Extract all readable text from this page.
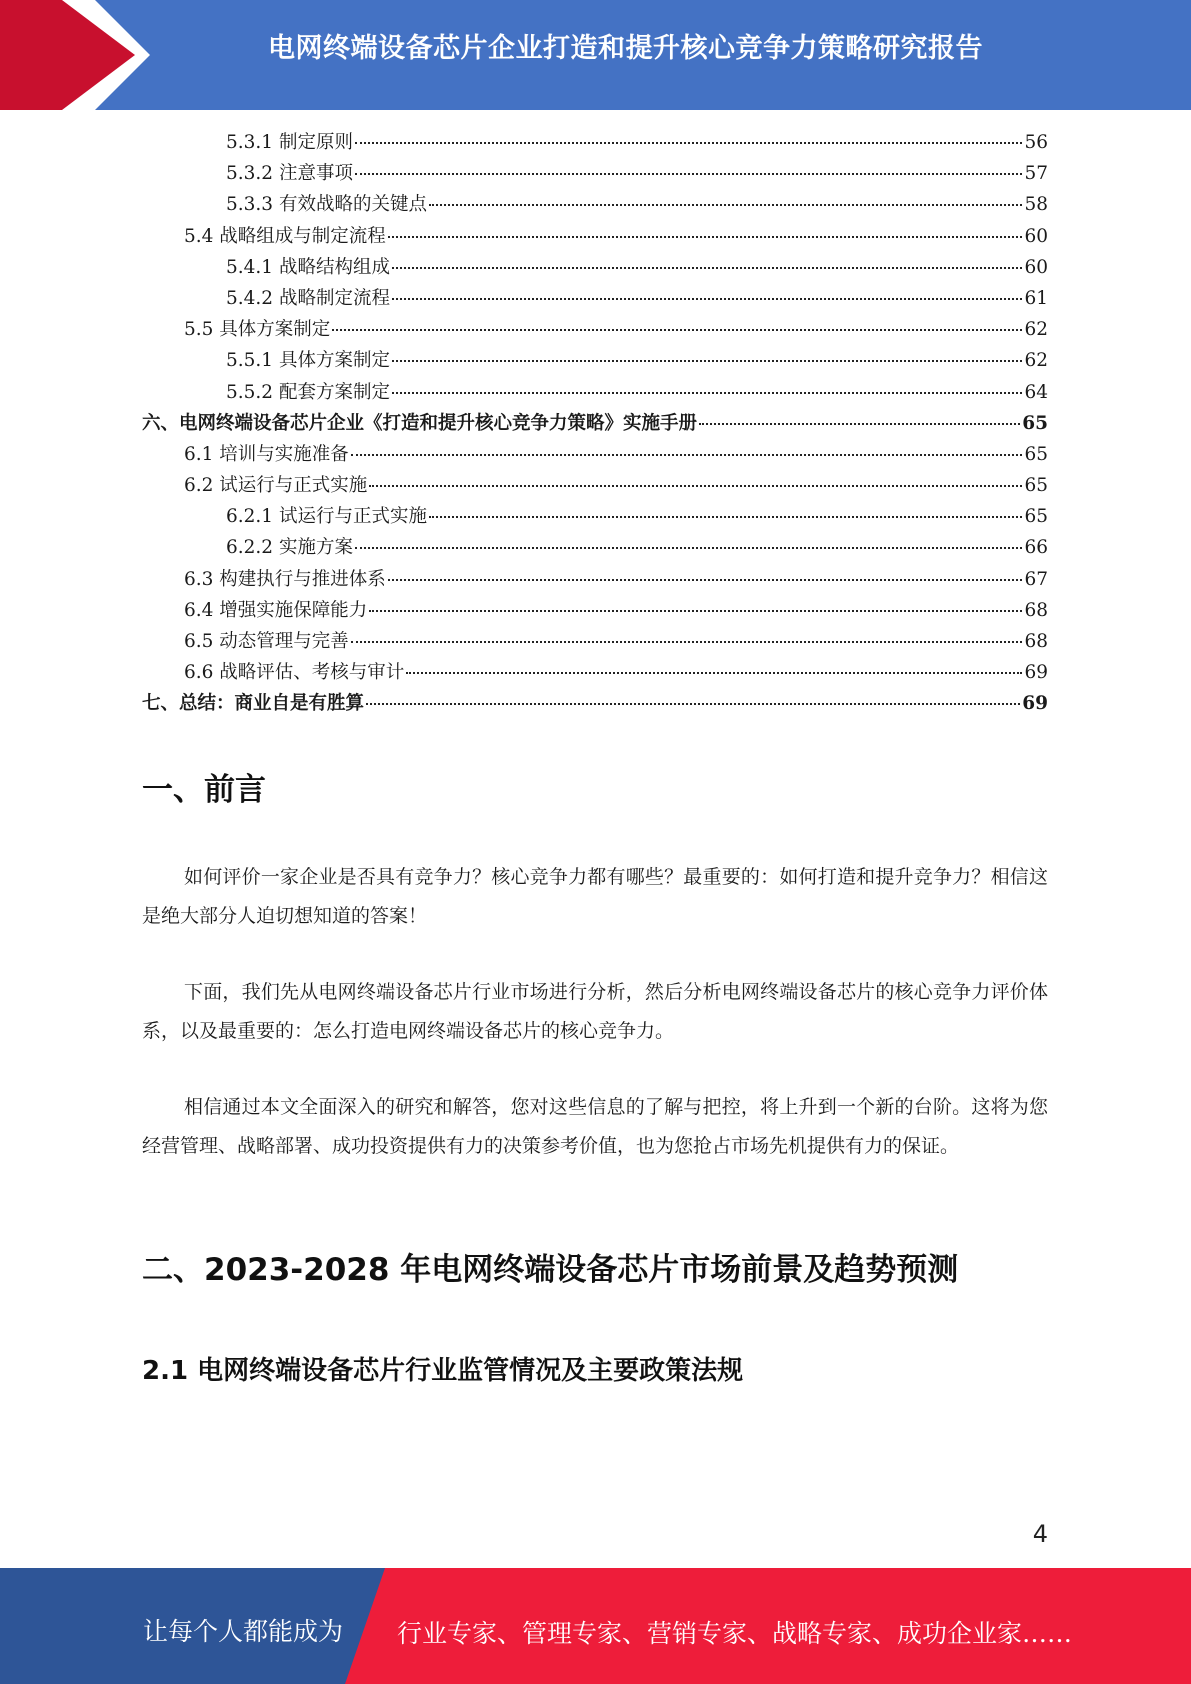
电网终端设备芯片企业打造和提升核心竞争力策略研究报告
5.3.1 制定原则	56
5.3.2 注意事项	57
5.3.3 有效战略的关键点	58
5.4 战略组成与制定流程	60
5.4.1 战略结构组成	60
5.4.2 战略制定流程	61
5.5 具体方案制定	62
5.5.1 具体方案制定	62
5.5.2 配套方案制定	64
六、电网终端设备芯片企业《打造和提升核心竞争力策略》实施手册	65
6.1 培训与实施准备	65
6.2 试运行与正式实施	65
6.2.1 试运行与正式实施	65
6.2.2 实施方案	66
6.3 构建执行与推进体系	67
6.4 增强实施保障能力	68
6.5 动态管理与完善	68
6.6 战略评估、考核与审计	69
七、总结：商业自是有胜算	69
一、前言

如何评价一家企业是否具有竞争力？核心竞争力都有哪些？最重要的：如何打造和提升竞争力？相信这是绝大部分人迫切想知道的答案！

下面，我们先从电网终端设备芯片行业市场进行分析，然后分析电网终端设备芯片的核心竞争力评价体系，以及最重要的：怎么打造电网终端设备芯片的核心竞争力。

相信通过本文全面深入的研究和解答，您对这些信息的了解与把控，将上升到一个新的台阶。这将为您经营管理、战略部署、成功投资提供有力的决策参考价值，也为您抢占市场先机提供有力的保证。

二、2023-2028 年电网终端设备芯片市场前景及趋势预测
2.1 电网终端设备芯片行业监管情况及主要政策法规
4
让每个人都能成为 行业专家、管理专家、营销专家、战略专家、成功企业家……
